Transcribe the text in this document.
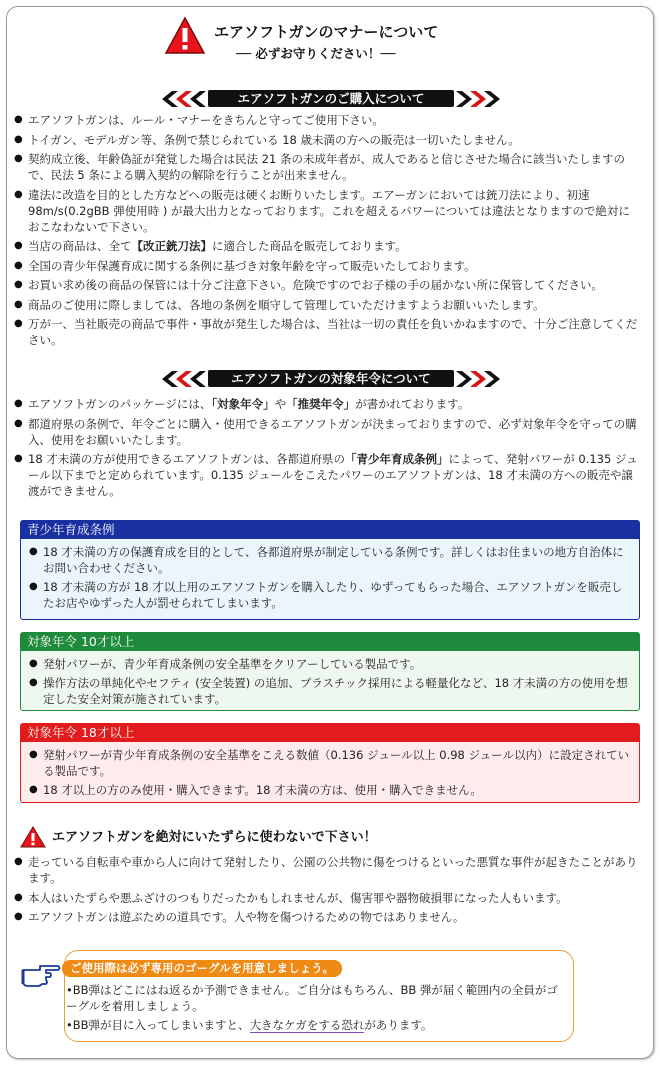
エアソフトガンのマナーについて
── 必ずお守りください！──
エアソフトガンのご購入について
● エアソフトガンは、ルール・マナーをきちんと守ってご使用下さい。
● トイガン、モデルガン等、条例で禁じられている 18 歳未満の方への販売は一切いたしません。
● 契約成立後、年齢偽証が発覚した場合は民法 21 条の未成年者が、成人であると信じさせた場合に該当いたしますので、民法 5 条による購入契約の解除を行うことが出来ません。
● 違法に改造を目的とした方などへの販売は硬くお断りいたします。エアーガンにおいては銃刀法により、初速98m/s(0.2gBB 弾使用時 ) が最大出力となっております。これを超えるパワーについては違法となりますので絶対におこなわないで下さい。
● 当店の商品は、全て【改正銃刀法】に適合した商品を販売しております。
● 全国の青少年保護育成に関する条例に基づき対象年齢を守って販売いたしております。
● お買い求め後の商品の保管には十分ご注意下さい。危険ですのでお子様の手の届かない所に保管してください。
● 商品のご使用に際しましては、各地の条例を順守して管理していただけますようお願いいたします。
● 万が一、当社販売の商品で事件・事故が発生した場合は、当社は一切の責任を負いかねますので、十分ご注意してください。
エアソフトガンの対象年令について
● エアソフトガンのパッケージには、「対象年令」や「推奨年令」が書かれております。
● 都道府県の条例で、年令ごとに購入・使用できるエアソフトガンが決まっておりますので、必ず対象年令を守っての購入、使用をお願いいたします。
● 18 才未満の方が使用できるエアソフトガンは、各都道府県の「青少年育成条例」によって、発射パワーが 0.135 ジュール以下までと定められています。0.135 ジュールをこえたパワーのエアソフトガンは、18 才未満の方への販売や譲渡ができません。
青少年育成条例
● 18 才未満の方の保護育成を目的として、各都道府県が制定している条例です。詳しくはお住まいの地方自治体にお問い合わせください。
● 18 才未満の方が 18 才以上用のエアソフトガンを購入したり、ゆずってもらった場合、エアソフトガンを販売したお店やゆずった人が罰せられてしまいます。
対象年令 10才以上
● 発射パワーが、青少年育成条例の安全基準をクリアーしている製品です。
● 操作方法の単純化やセフティ (安全装置) の追加、プラスチック採用による軽量化など、18 才未満の方の使用を想定した安全対策が施されています。
対象年令 18才以上
● 発射パワーが青少年育成条例の安全基準をこえる数値（0.136 ジュール以上 0.98 ジュール以内）に設定されている製品です。
● 18 才以上の方のみ使用・購入できます。18 才未満の方は、使用・購入できません。
エアソフトガンを絶対にいたずらに使わないで下さい！
● 走っている自転車や車から人に向けて発射したり、公園の公共物に傷をつけるといった悪質な事件が起きたことがあります。
● 本人はいたずらや悪ふざけのつもりだったかもしれませんが、傷害罪や器物破損罪になった人もいます。
● エアソフトガンは遊ぶための道具です。人や物を傷つけるための物ではありません。
ご使用際は必ず専用のゴーグルを用意しましょう。
•BB弾はどこにはね返るか予測できません。ご自分はもちろん、BB 弾が届く範囲内の全員がゴーグルを着用しましょう。
•BB弾が目に入ってしまいますと、大きなケガをする恐れがあります。
